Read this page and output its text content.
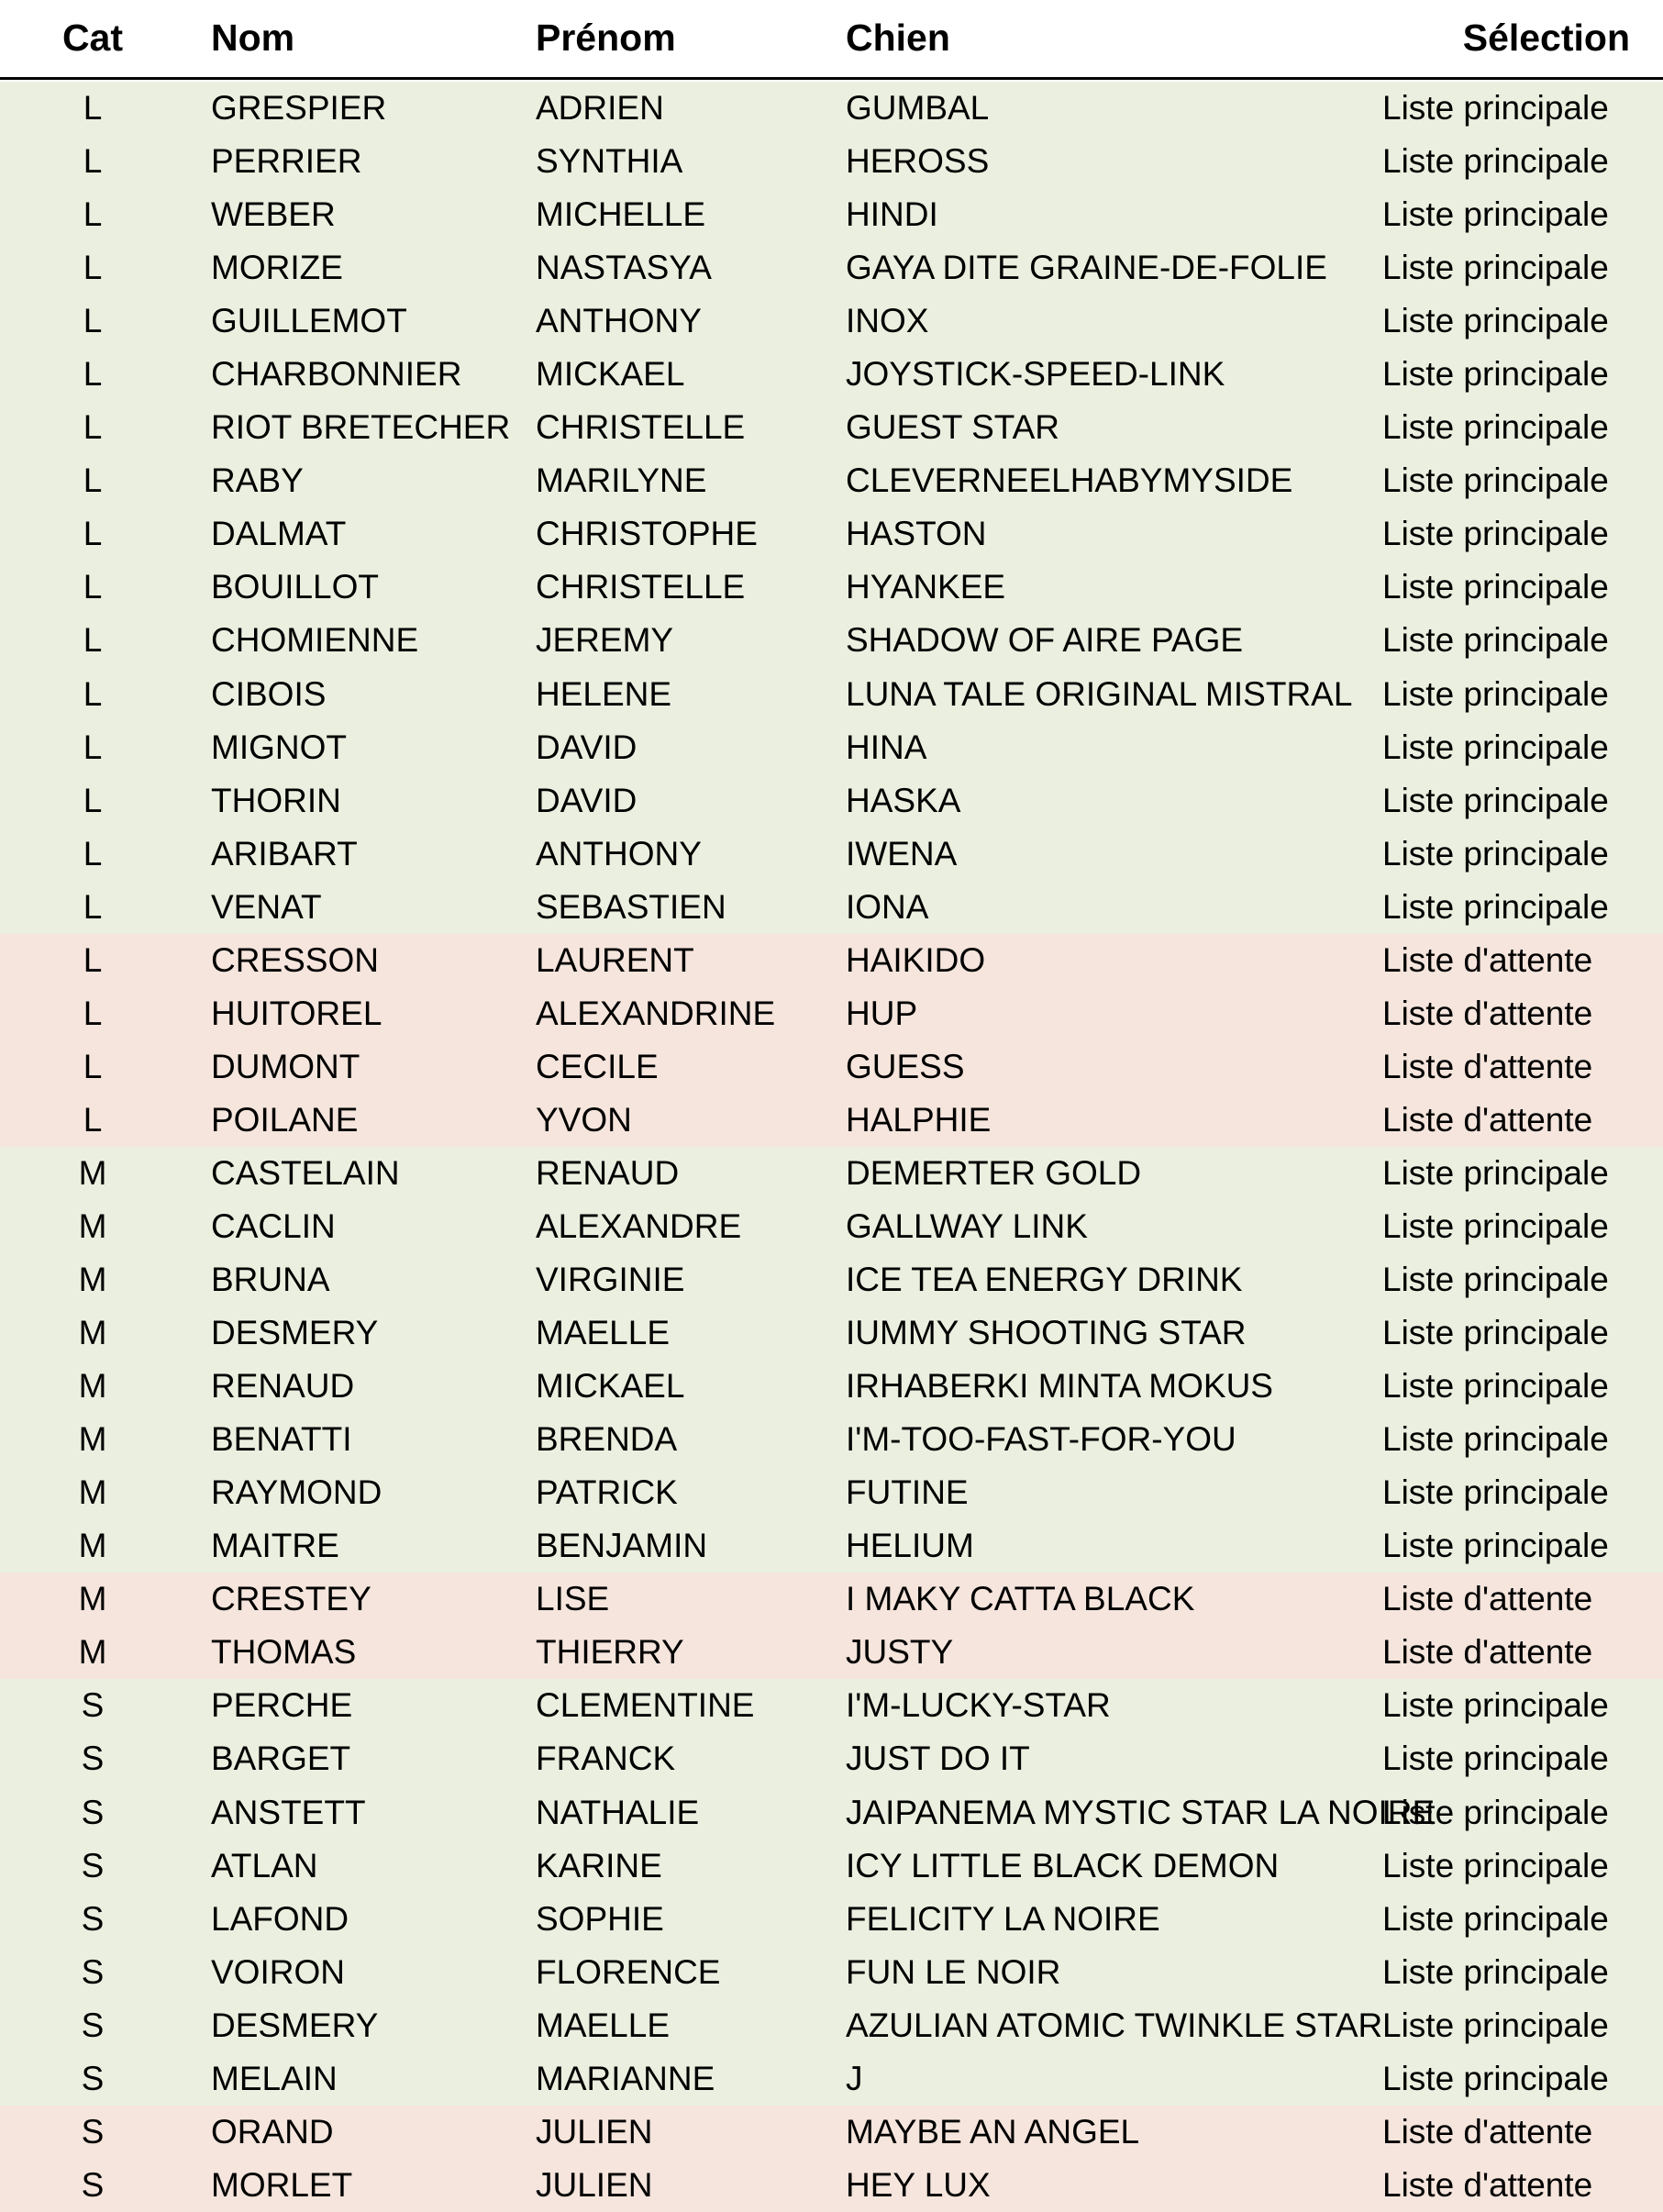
Cat	Nom	Prénom	Chien	Sélection

L	GRESPIER	ADRIEN	GUMBAL	Liste principale
L	PERRIER	SYNTHIA	HEROSS	Liste principale
L	WEBER	MICHELLE	HINDI	Liste principale
L	MORIZE	NASTASYA	GAYA DITE GRAINE-DE-FOLIE	Liste principale
L	GUILLEMOT	ANTHONY	INOX	Liste principale
L	CHARBONNIER	MICKAEL	JOYSTICK-SPEED-LINK	Liste principale
L	RIOT BRETECHER	CHRISTELLE	GUEST STAR	Liste principale
L	RABY	MARILYNE	CLEVERNEELHABYMYSIDE	Liste principale
L	DALMAT	CHRISTOPHE	HASTON	Liste principale
L	BOUILLOT	CHRISTELLE	HYANKEE	Liste principale
L	CHOMIENNE	JEREMY	SHADOW OF AIRE PAGE	Liste principale
L	CIBOIS	HELENE	LUNA TALE ORIGINAL MISTRAL	Liste principale
L	MIGNOT	DAVID	HINA	Liste principale
L	THORIN	DAVID	HASKA	Liste principale
L	ARIBART	ANTHONY	IWENA	Liste principale
L	VENAT	SEBASTIEN	IONA	Liste principale
L	CRESSON	LAURENT	HAIKIDO	Liste d'attente
L	HUITOREL	ALEXANDRINE	HUP	Liste d'attente
L	DUMONT	CECILE	GUESS	Liste d'attente
L	POILANE	YVON	HALPHIE	Liste d'attente
M	CASTELAIN	RENAUD	DEMERTER GOLD	Liste principale
M	CACLIN	ALEXANDRE	GALLWAY LINK	Liste principale
M	BRUNA	VIRGINIE	ICE TEA ENERGY DRINK	Liste principale
M	DESMERY	MAELLE	IUMMY SHOOTING STAR	Liste principale
M	RENAUD	MICKAEL	IRHABERKI MINTA MOKUS	Liste principale
M	BENATTI	BRENDA	I'M-TOO-FAST-FOR-YOU	Liste principale
M	RAYMOND	PATRICK	FUTINE	Liste principale
M	MAITRE	BENJAMIN	HELIUM	Liste principale
M	CRESTEY	LISE	I MAKY CATTA BLACK	Liste d'attente
M	THOMAS	THIERRY	JUSTY	Liste d'attente
S	PERCHE	CLEMENTINE	I'M-LUCKY-STAR	Liste principale
S	BARGET	FRANCK	JUST DO IT	Liste principale
S	ANSTETT	NATHALIE	JAIPANEMA MYSTIC STAR LA NOIRE	Liste principale
S	ATLAN	KARINE	ICY LITTLE BLACK DEMON	Liste principale
S	LAFOND	SOPHIE	FELICITY LA NOIRE	Liste principale
S	VOIRON	FLORENCE	FUN LE NOIR	Liste principale
S	DESMERY	MAELLE	AZULIAN ATOMIC TWINKLE STAR	Liste principale
S	MELAIN	MARIANNE	J	Liste principale
S	ORAND	JULIEN	MAYBE AN ANGEL	Liste d'attente
S	MORLET	JULIEN	HEY LUX	Liste d'attente
